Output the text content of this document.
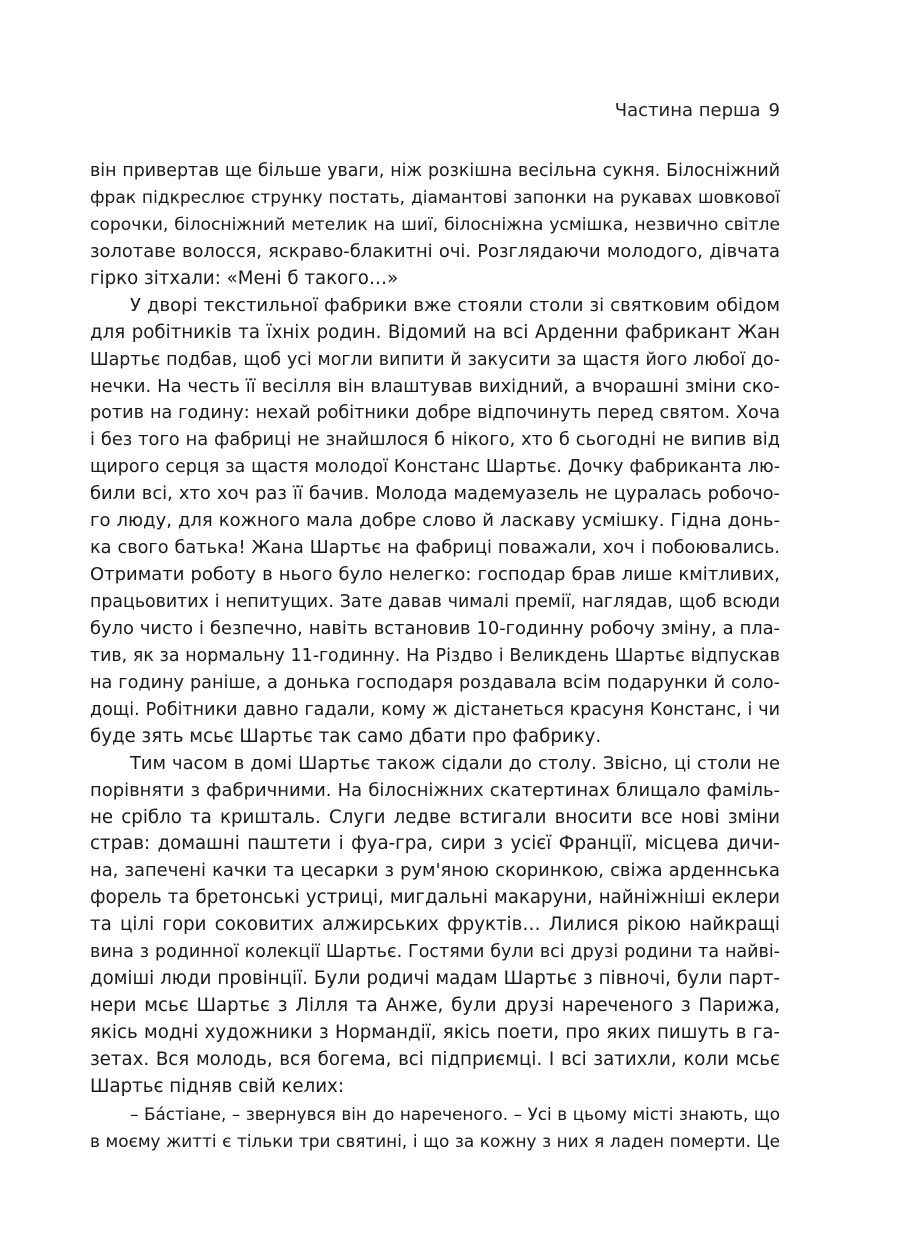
Частина перша 9
він привертав ще більше уваги, ніж розкішна весільна сукня. Білосніжний
фрак підкреслює струнку постать, діамантові запонки на рукавах шовкової
сорочки, білосніжний метелик на шиї, білосніжна усмішка, незвично світле
золотаве волосся, яскраво-блакитні очі. Розглядаючи молодого, дівчата
гірко зітхали: «Мені б такого…»
У дворі текстильної фабрики вже стояли столи зі святковим обідом
для робітників та їхніх родин. Відомий на всі Арденни фабрикант Жан
Шартьє подбав, щоб усі могли випити й закусити за щастя його любої до-
нечки. На честь її весілля він влаштував вихідний, а вчорашні зміни ско-
ротив на годину: нехай робітники добре відпочинуть перед святом. Хоча
і без того на фабриці не знайшлося б нікого, хто б сьогодні не випив від
щирого серця за щастя молодої Констанс Шартьє. Дочку фабриканта лю-
били всі, хто хоч раз її бачив. Молода мадемуазель не цуралась робочо-
го люду, для кожного мала добре слово й ласкаву усмішку. Гідна донь-
ка свого батька! Жана Шартьє на фабриці поважали, хоч і побоювались.
Отримати роботу в нього було нелегко: господар брав лише кмітливих,
працьовитих і непитущих. Зате давав чималі премії, наглядав, щоб всюди
було чисто і безпечно, навіть встановив 10-годинну робочу зміну, а пла-
тив, як за нормальну 11-годинну. На Різдво і Великдень Шартьє відпускав
на годину раніше, а донька господаря роздавала всім подарунки й соло-
дощі. Робітники давно гадали, кому ж дістанеться красуня Констанс, і чи
буде зять мсьє Шартьє так само дбати про фабрику.
Тим часом в домі Шартьє також сідали до столу. Звісно, ці столи не
порівняти з фабричними. На білосніжних скатертинах блищало фаміль-
не срібло та кришталь. Слуги ледве встигали вносити все нові зміни
страв: домашні паштети і фуа-гра, сири з усієї Франції, місцева дичи-
на, запечені качки та цесарки з рум'яною скоринкою, свіжа арденнська
форель та бретонські устриці, мигдальні макаруни, найніжніші еклери
та цілі гори соковитих алжирських фруктів… Лилися рікою найкращі
вина з родинної колекції Шартьє. Гостями були всі друзі родини та найві-
доміші люди провінції. Були родичі мадам Шартьє з півночі, були парт-
нери мсьє Шартьє з Лілля та Анже, були друзі нареченого з Парижа,
якісь модні художники з Нормандії, якісь поети, про яких пишуть в га-
зетах. Вся молодь, вся богема, всі підприємці. І всі затихли, коли мсьє
Шартьє підняв свій келих:
– Бáстіане, – звернувся він до нареченого. – Усі в цьому місті знають, що
в моєму житті є тільки три святині, і що за кожну з них я ладен померти. Це
